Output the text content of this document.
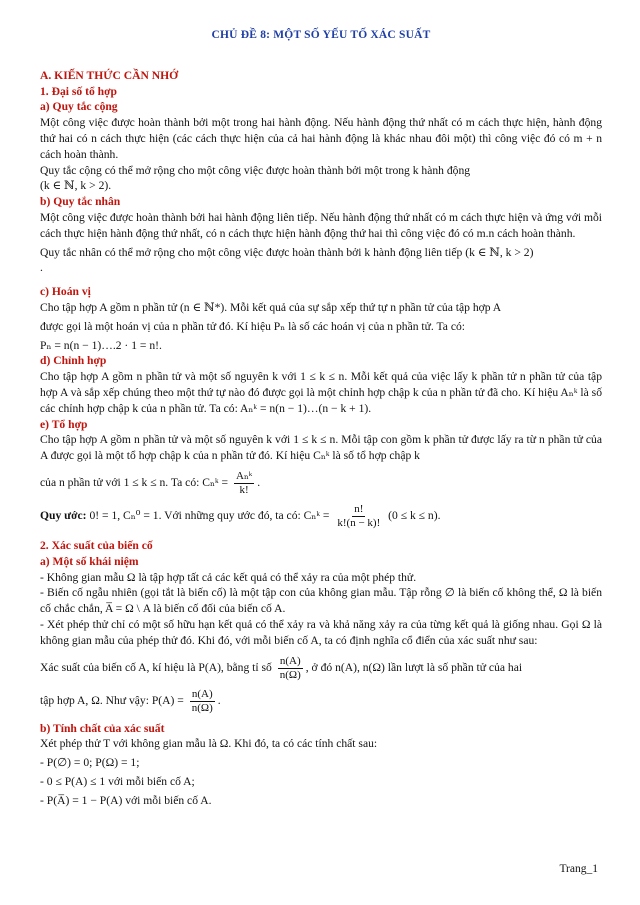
CHỦ ĐỀ 8: MỘT SỐ YẾU TỐ XÁC SUẤT
A. KIẾN THỨC CẦN NHỚ
1. Đại số tổ hợp
a) Quy tắc cộng

Một công việc được hoàn thành bởi một trong hai hành động. Nếu hành động thứ nhất có m cách thực hiện, hành động thứ hai có n cách thực hiện (các cách thực hiện của cả hai hành động là khác nhau đôi một) thì công việc đó có m + n cách hoàn thành.

Quy tắc cộng có thể mở rộng cho một công việc được hoàn thành bởi một trong k hành động

(k ∈ ℕ, k > 2).

b) Quy tắc nhân

Một công việc được hoàn thành bởi hai hành động liên tiếp. Nếu hành động thứ nhất có m cách thực hiện và ứng với mỗi cách thực hiện hành động thứ nhất, có n cách thực hiện hành động thứ hai thì công việc đó có m.n cách hoàn thành.

Quy tắc nhân có thể mở rộng cho một công việc được hoàn thành bởi k hành động liên tiếp (k ∈ ℕ, k > 2)

.

c) Hoán vị

Cho tập hợp A gồm n phần tử (n ∈ ℕ*). Mỗi kết quả của sự sắp xếp thứ tự n phần tử của tập hợp A

được gọi là một hoán vị của n phần tử đó. Kí hiệu Pₙ là số các hoán vị của n phần tử. Ta có:

Pₙ = n(n − 1)….2 · 1 = n!.

d) Chỉnh hợp

Cho tập hợp A gồm n phần tử và một số nguyên k với 1 ≤ k ≤ n. Mỗi kết quả của việc lấy k phần tử n phần tử của tập hợp A và sắp xếp chúng theo một thứ tự nào đó được gọi là một chỉnh hợp chập k của n phần tử đã cho. Kí hiệu Aₙᵏ là số các chỉnh hợp chập k của n phần tử. Ta có: Aₙᵏ = n(n − 1)…(n − k + 1).

e) Tổ hợp

Cho tập hợp A gồm n phần tử và một số nguyên k với 1 ≤ k ≤ n. Mỗi tập con gồm k phần tử được lấy ra từ n phần tử của A được gọi là một tổ hợp chập k của n phần tử đó. Kí hiệu Cₙᵏ là số tổ hợp chập k

của n phần tử với 1 ≤ k ≤ n. Ta có: Cₙᵏ = $\frac{\text{Aₙᵏ}}{k!}$ .

Quy ước: 0! = 1, Cₙ⁰ = 1. Với những quy ước đó, ta có: Cₙᵏ = $\frac{n!}{k!(n - k)!} (0 \le k \le n)$.

2. Xác suất của biến cố
a) Một số khái niệm

- Không gian mẫu Ω là tập hợp tất cả các kết quả có thể xảy ra của một phép thử.

- Biến cố ngẫu nhiên (gọi tắt là biến cố) là một tập con của không gian mẫu. Tập rỗng ∅ là biến cố không thể, Ω là biến cố chắc chắn, A̅ = Ω \ A là biến cố đối của biến cố A.

- Xét phép thử chỉ có một số hữu hạn kết quả có thể xảy ra và khả năng xảy ra của từng kết quả là giống nhau. Gọi Ω là không gian mẫu của phép thử đó. Khi đó, với mỗi biến cố A, ta có định nghĩa cổ điển của xác suất như sau:

Xác suất của biến cố A, kí hiệu là P(A), bằng tỉ số $\frac{n(A)}{n(\Omega)}$ , ở đó n(A), n(Ω) lần lượt là số phần tử của hai

tập hợp A, Ω. Như vậy: $P(A) = \frac{n(A)}{n(\Omega)}$ .

b) Tính chất của xác suất

Xét phép thử T với không gian mẫu là Ω. Khi đó, ta có các tính chất sau:

- P(∅) = 0; P(Ω) = 1;

- 0 ≤ P(A) ≤ 1 với mỗi biến cố A;

- P(A̅) = 1 − P(A) với mỗi biến cố A.

Trang_1
